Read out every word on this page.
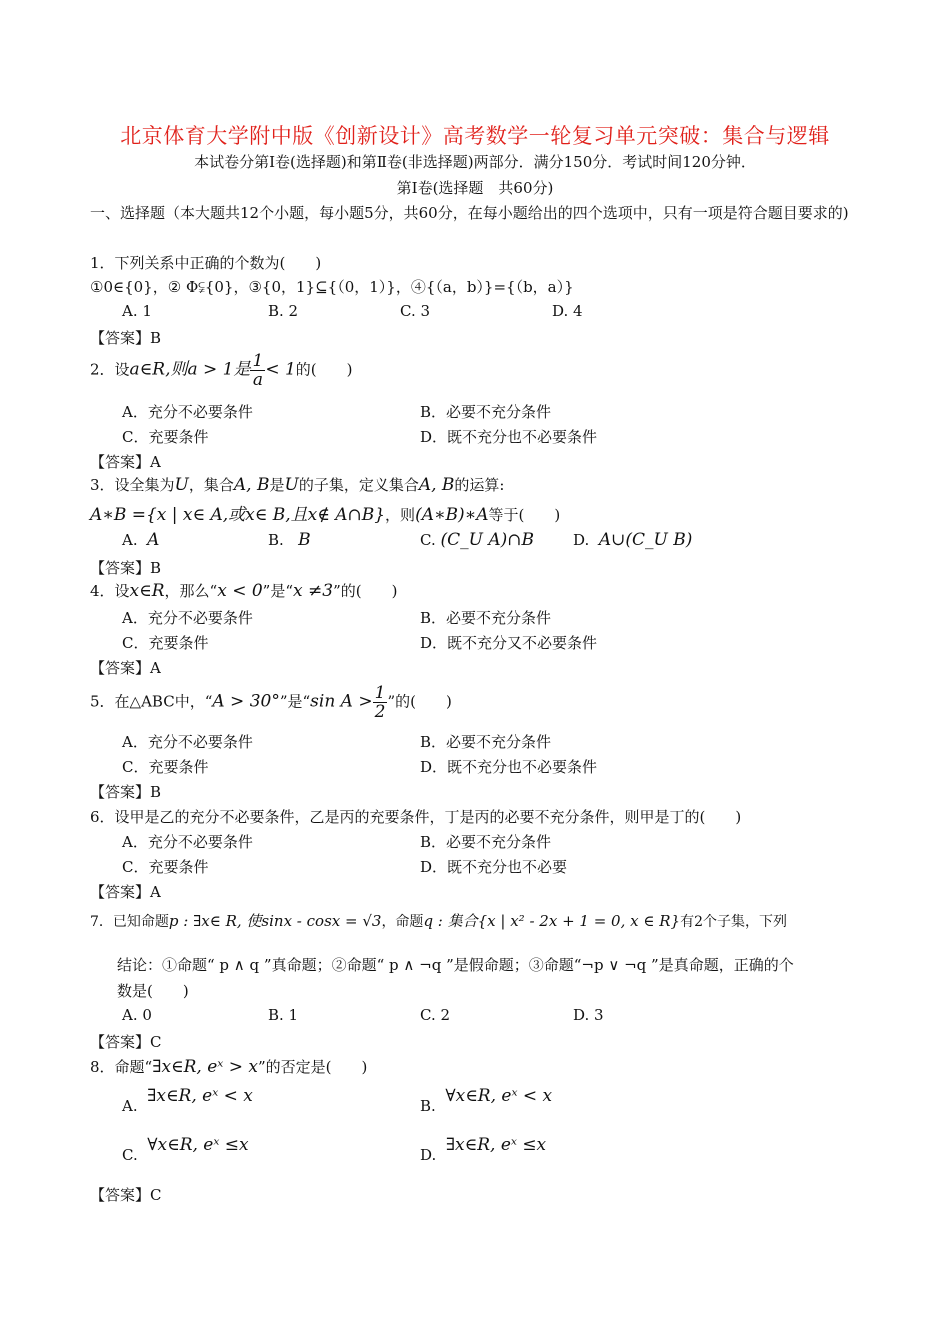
北京体育大学附中版《创新设计》高考数学一轮复习单元突破：集合与逻辑
本试卷分第Ⅰ卷(选择题)和第Ⅱ卷(非选择题)两部分．满分150分．考试时间120分钟．
第Ⅰ卷(选择题　共60分)
一、选择题（本大题共12个小题，每小题5分，共60分，在每小题给出的四个选项中，只有一项是符合题目要求的)
1．下列关系中正确的个数为(　　)
①0∈{0}，② Φ⫋{0}，③{0，1}⊆{（0，1）}，④{（a，b）}={（b，a）}
A. 1	B. 2	C. 3	D. 4
【答案】B
2．设a∈R,则a > 1是 $\frac{1}{a} < 1$的(　　)
A．充分不必要条件	B．必要不充分条件
C．充要条件	D．既不充分也不必要条件
【答案】A
3．设全集为U，集合A, B是U的子集，定义集合A, B的运算:
A∗B ={x | x∈ A,或x∈ B,且x∉ A∩B}，则(A∗B)∗A等于(　　)
A. A	B. B	C. (C_U A)∩B	D. A∪(C_U B)
【答案】B
4．设x∈R，那么“x < 0”是“x ≠3”的(　　)
A．充分不必要条件	B．必要不充分条件
C．充要条件	D．既不充分又不必要条件
【答案】A
5．在△ABC中，“A > 30°”是“sin $A > \frac{1}{2}$ ”的(　　)
A．充分不必要条件	B．必要不充分条件
C．充要条件	D．既不充分也不必要条件
【答案】B
6．设甲是乙的充分不必要条件，乙是丙的充要条件，丁是丙的必要不充分条件，则甲是丁的(　　)
A．充分不必要条件	B．必要不充分条件
C．充要条件	D．既不充分也不必要
【答案】A
7．已知命题p : ∃x∈ R, 使sinx - cosx = √3，命题q : 集合{x | x² - 2x + 1 = 0, x ∈ R}有2个子集，下列
结论：①命题“ p ∧ q ”真命题；②命题“ p ∧ ¬q ”是假命题；③命题“¬p ∨ ¬q ”是真命题，正确的个
数是(　　)
A. 0	B. 1	C. 2	D. 3
【答案】C
8．命题“∃x∈R, eˣ > x”的否定是(　　)
A. ∃x∈R, eˣ < x	B. ∀x∈R, eˣ < x
C. ∀x∈R, eˣ ≤x	D. ∃x∈R, eˣ ≤x
【答案】C
